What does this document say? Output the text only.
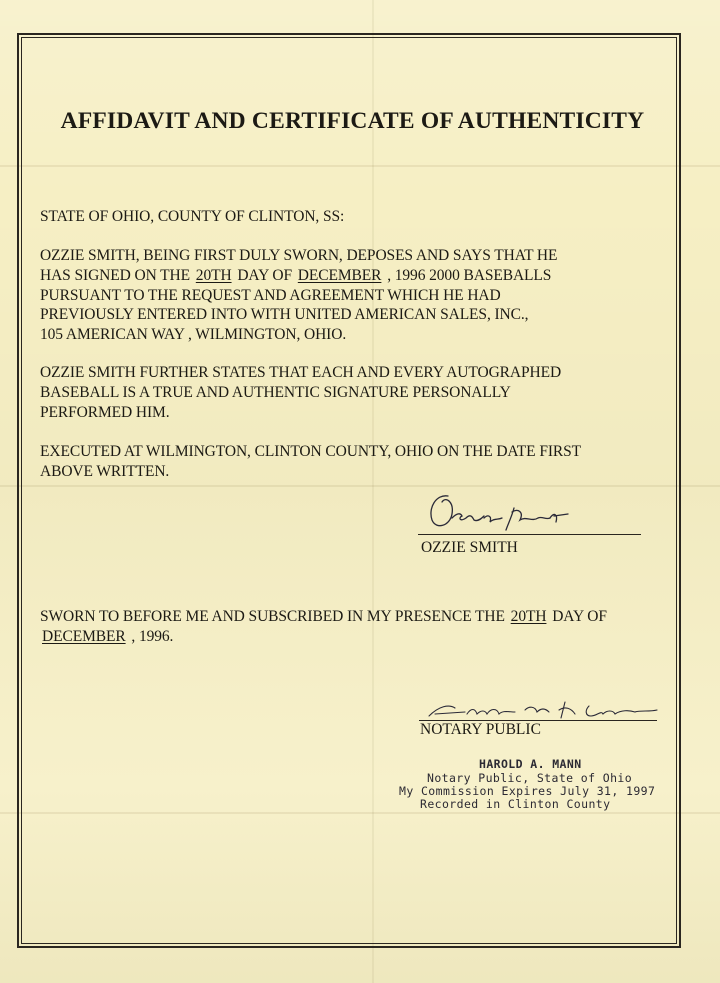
AFFIDAVIT AND CERTIFICATE OF AUTHENTICITY
STATE OF OHIO, COUNTY OF CLINTON, SS:
OZZIE SMITH, BEING FIRST DULY SWORN, DEPOSES AND SAYS THAT HE
HAS SIGNED ON THE 20TH DAY OF DECEMBER , 1996 2000 BASEBALLS
PURSUANT TO THE REQUEST AND AGREEMENT WHICH HE HAD
PREVIOUSLY ENTERED INTO WITH UNITED AMERICAN SALES, INC.,
105 AMERICAN WAY , WILMINGTON, OHIO.
OZZIE SMITH FURTHER STATES THAT EACH AND EVERY AUTOGRAPHED
BASEBALL IS A TRUE AND AUTHENTIC SIGNATURE PERSONALLY
PERFORMED HIM.
EXECUTED AT WILMINGTON, CLINTON COUNTY, OHIO ON THE DATE FIRST
ABOVE WRITTEN.
OZZIE SMITH
SWORN TO BEFORE ME AND SUBSCRIBED IN MY PRESENCE THE 20TH DAY OF
DECEMBER , 1996.
NOTARY PUBLIC
HAROLD A. MANN
Notary Public, State of Ohio
My Commission Expires July 31, 1997
Recorded in Clinton County
